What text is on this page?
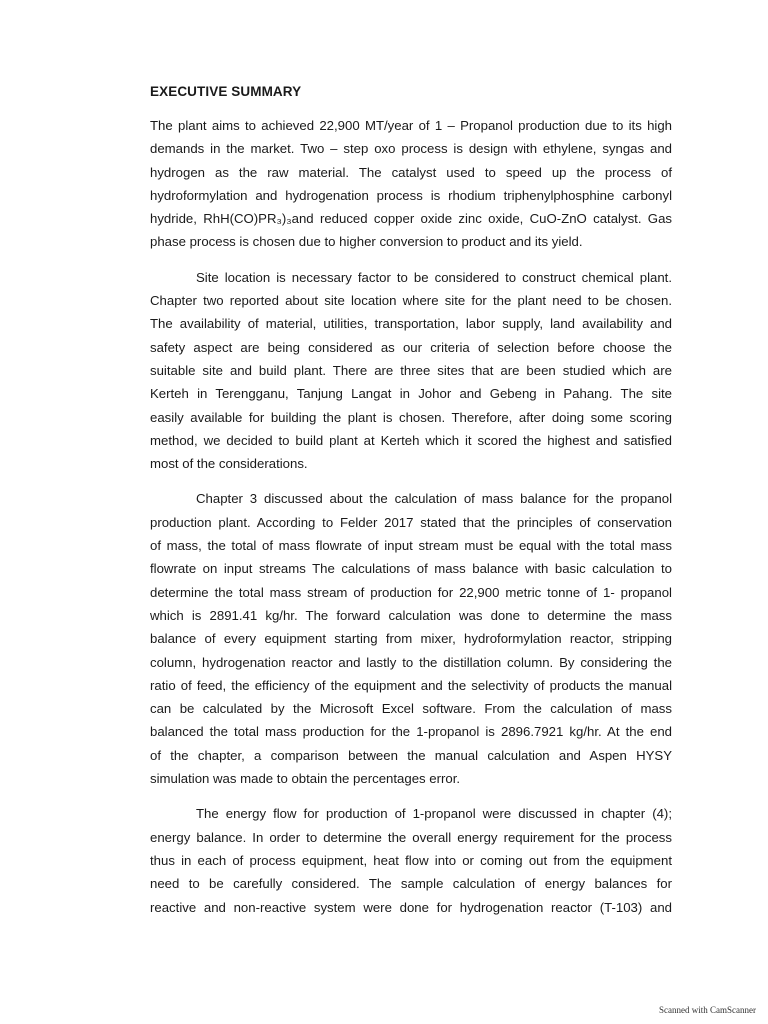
EXECUTIVE SUMMARY
The plant aims to achieved 22,900 MT/year of 1 – Propanol production due to its high
demands in the market. Two – step oxo process is design with ethylene, syngas and
hydrogen as the raw material. The catalyst used to speed up the process of
hydroformylation and hydrogenation process is rhodium triphenylphosphine carbonyl
hydride, RhH(CO)PR₃)₃and reduced copper oxide zinc oxide, CuO-ZnO catalyst. Gas
phase process is chosen due to higher conversion to product and its yield.
Site location is necessary factor to be considered to construct chemical plant.
Chapter two reported about site location where site for the plant need to be chosen.
The availability of material, utilities, transportation, labor supply, land availability and
safety aspect are being considered as our criteria of selection before choose the
suitable site and build plant. There are three sites that are been studied which are
Kerteh in Terengganu, Tanjung Langat in Johor and Gebeng in Pahang. The site
easily available for building the plant is chosen. Therefore, after doing some scoring
method, we decided to build plant at Kerteh which it scored the highest and satisfied
most of the considerations.
Chapter 3 discussed about the calculation of mass balance for the propanol
production plant. According to Felder 2017 stated that the principles of conservation
of mass, the total of mass flowrate of input stream must be equal with the total mass
flowrate on input streams The calculations of mass balance with basic calculation to
determine the total mass stream of production for 22,900 metric tonne of 1- propanol
which is 2891.41 kg/hr. The forward calculation was done to determine the mass
balance of every equipment starting from mixer, hydroformylation reactor, stripping
column, hydrogenation reactor and lastly to the distillation column. By considering the
ratio of feed, the efficiency of the equipment and the selectivity of products the manual
can be calculated by the Microsoft Excel software. From the calculation of mass
balanced the total mass production for the 1-propanol is 2896.7921 kg/hr. At the end
of the chapter, a comparison between the manual calculation and Aspen HYSY
simulation was made to obtain the percentages error.
The energy flow for production of 1-propanol were discussed in chapter (4);
energy balance. In order to determine the overall energy requirement for the process
thus in each of process equipment, heat flow into or coming out from the equipment
need to be carefully considered. The sample calculation of energy balances for
reactive and non-reactive system were done for hydrogenation reactor (T-103) and
Scanned with CamScanner
